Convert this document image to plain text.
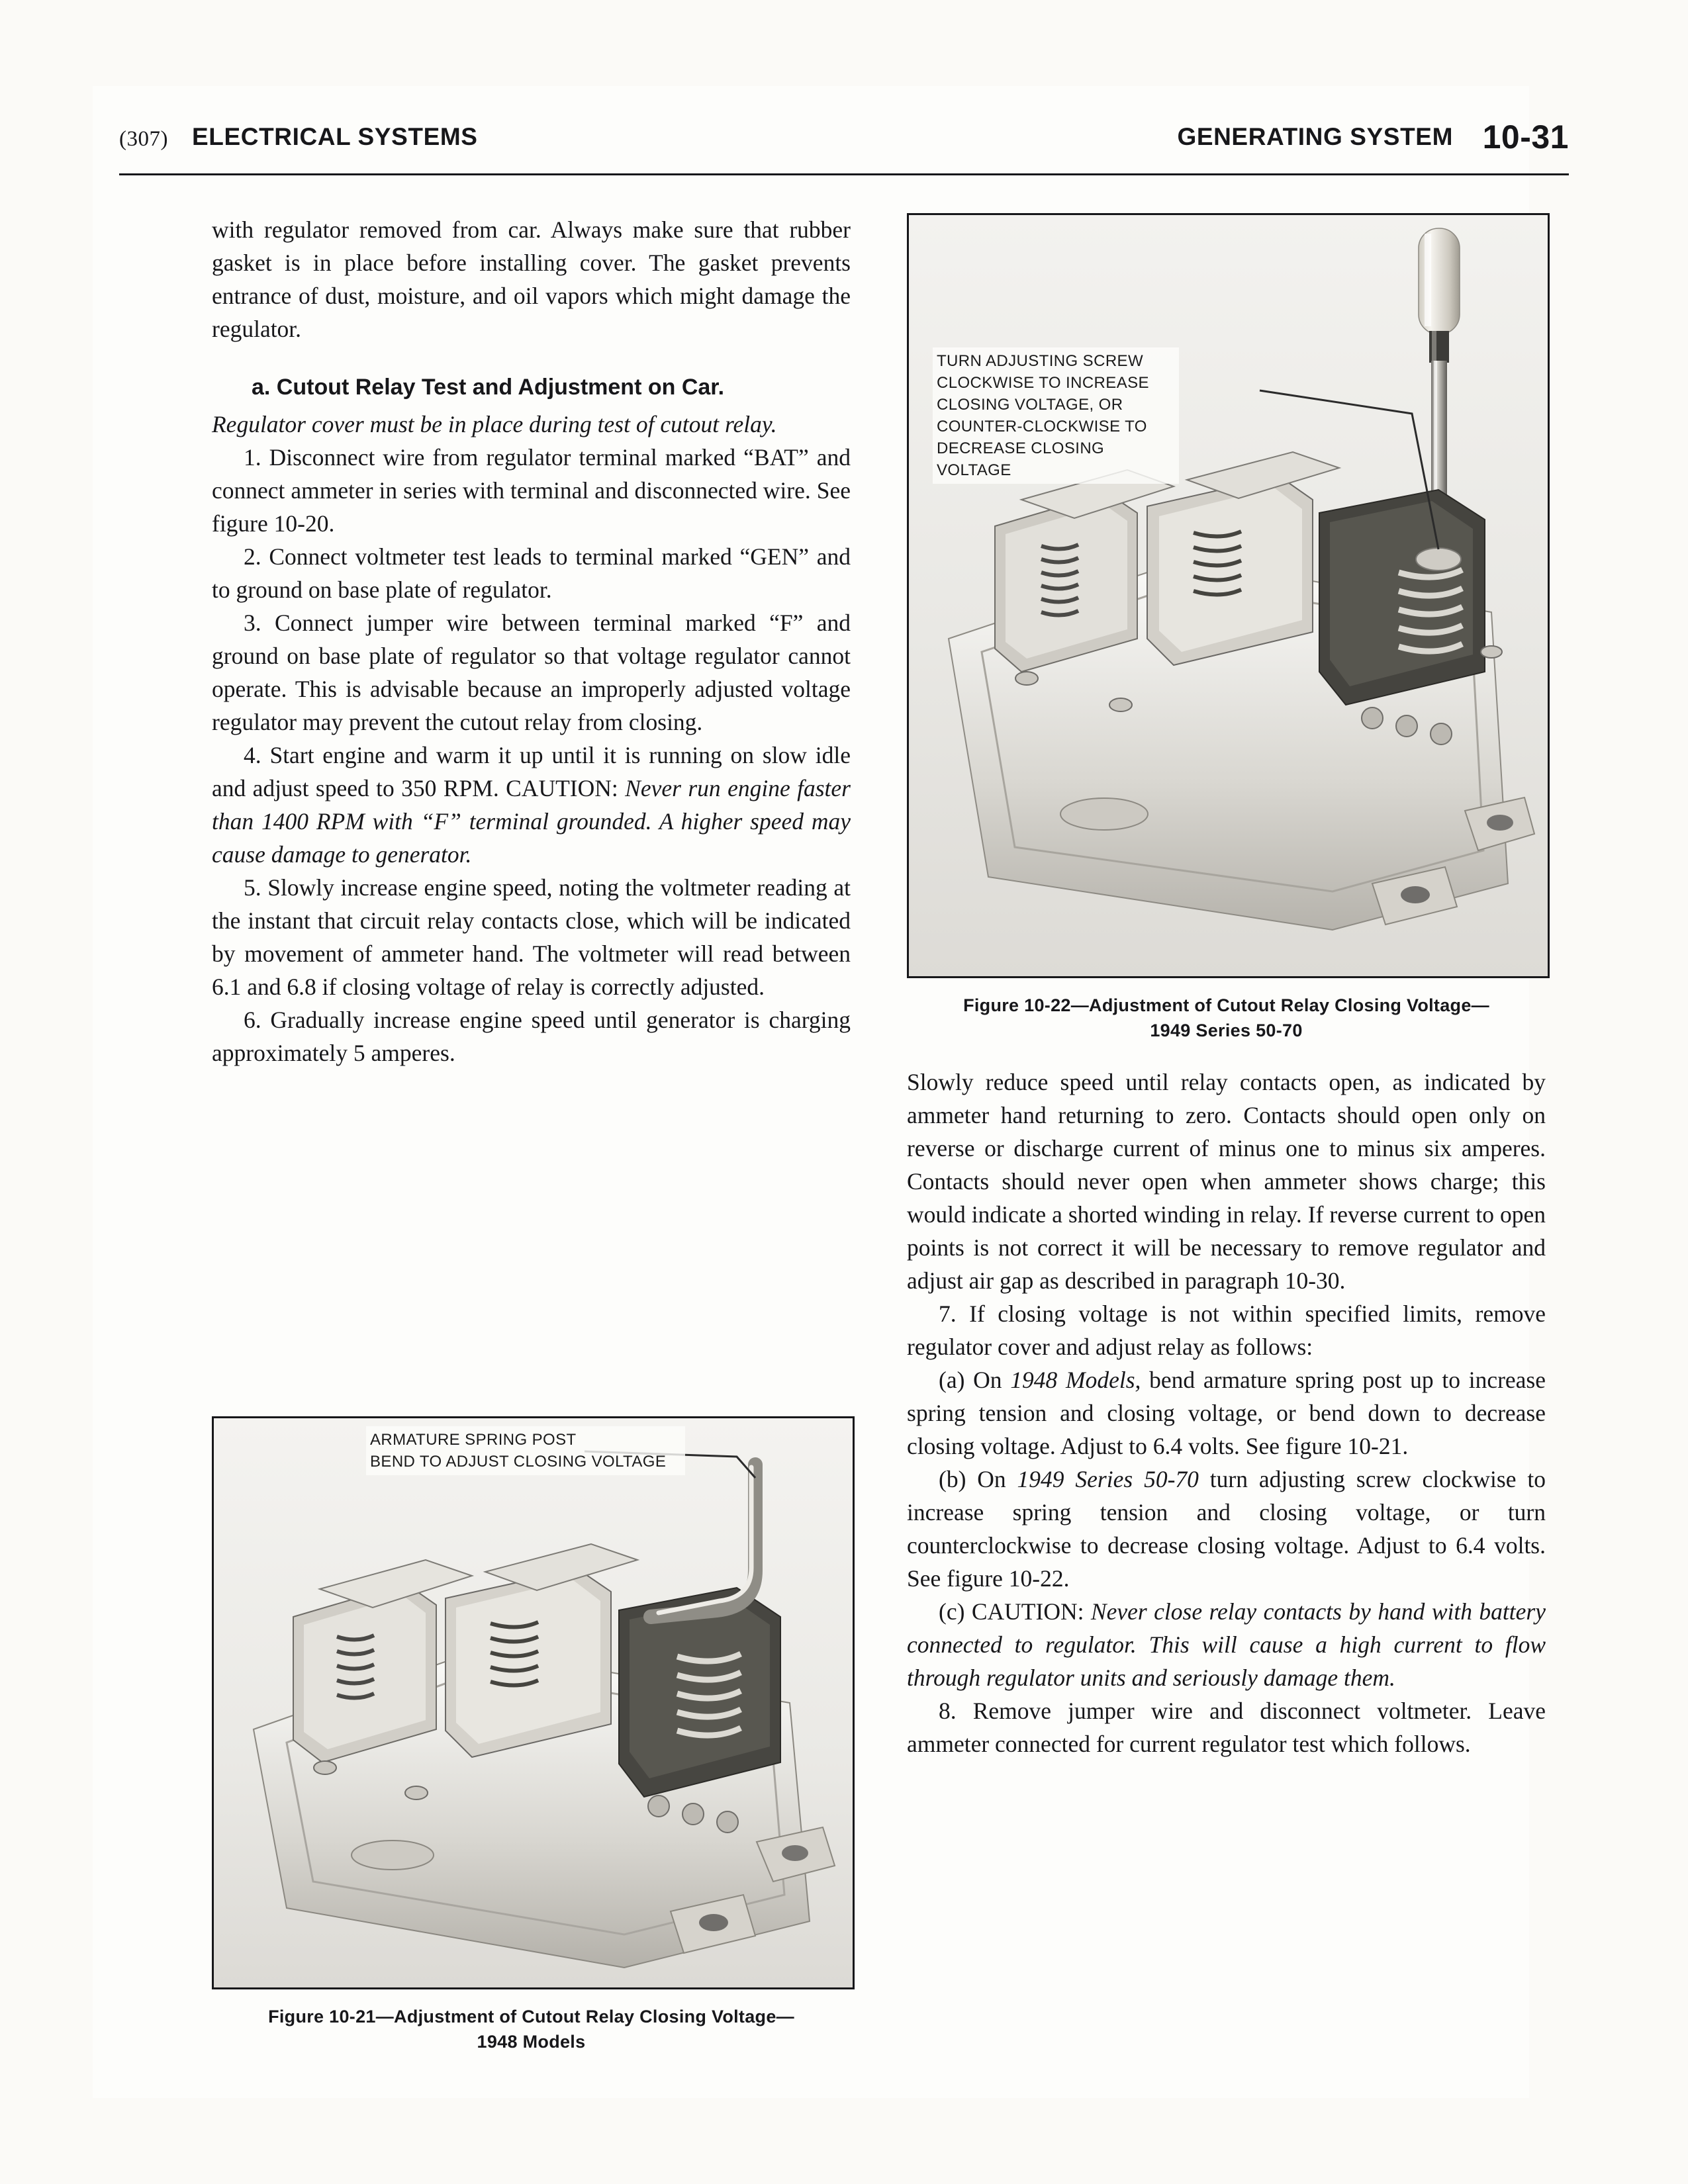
(307) ELECTRICAL SYSTEMS	GENERATING SYSTEM 10-31

with regulator removed from car. Always make sure that rubber gasket is in place before installing cover. The gasket prevents entrance of dust, moisture, and oil vapors which might damage the regulator.

a. Cutout Relay Test and Adjustment on Car.

Regulator cover must be in place during test of cutout relay.

1. Disconnect wire from regulator terminal marked “BAT” and connect ammeter in series with terminal and disconnected wire. See figure 10-20.

2. Connect voltmeter test leads to terminal marked “GEN” and to ground on base plate of regulator.

3. Connect jumper wire between terminal marked “F” and ground on base plate of regulator so that voltage regulator cannot operate. This is advisable because an improperly adjusted voltage regulator may prevent the cutout relay from closing.

4. Start engine and warm it up until it is running on slow idle and adjust speed to 350 RPM. CAUTION: Never run engine faster than 1400 RPM with “F” terminal grounded. A higher speed may cause damage to generator.

5. Slowly increase engine speed, noting the voltmeter reading at the instant that circuit relay contacts close, which will be indicated by movement of ammeter hand. The voltmeter will read between 6.1 and 6.8 if closing voltage of relay is correctly adjusted.

6. Gradually increase engine speed until generator is charging approximately 5 amperes.

Slowly reduce speed until relay contacts open, as indicated by ammeter hand returning to zero. Contacts should open only on reverse or discharge current of minus one to minus six amperes. Contacts should never open when ammeter shows charge; this would indicate a shorted winding in relay. If reverse current to open points is not correct it will be necessary to remove regulator and adjust air gap as described in paragraph 10-30.

7. If closing voltage is not within specified limits, remove regulator cover and adjust relay as follows:

(a) On 1948 Models, bend armature spring post up to increase spring tension and closing voltage, or bend down to decrease closing voltage. Adjust to 6.4 volts. See figure 10-21.

(b) On 1949 Series 50-70 turn adjusting screw clockwise to increase spring tension and closing voltage, or turn counterclockwise to decrease closing voltage. Adjust to 6.4 volts. See figure 10-22.

(c) CAUTION: Never close relay contacts by hand with battery connected to regulator. This will cause a high current to flow through regulator units and seriously damage them.

8. Remove jumper wire and disconnect voltmeter. Leave ammeter connected for current regulator test which follows.

TURN ADJUSTING SCREW CLOCKWISE TO INCREASE CLOSING VOLTAGE, OR COUNTER-CLOCKWISE TO DECREASE CLOSING VOLTAGE
Figure 10-22—Adjustment of Cutout Relay Closing Voltage—
1949 Series 50-70
ARMATURE SPRING POST
BEND TO ADJUST CLOSING VOLTAGE
Figure 10-21—Adjustment of Cutout Relay Closing Voltage—
1948 Models
